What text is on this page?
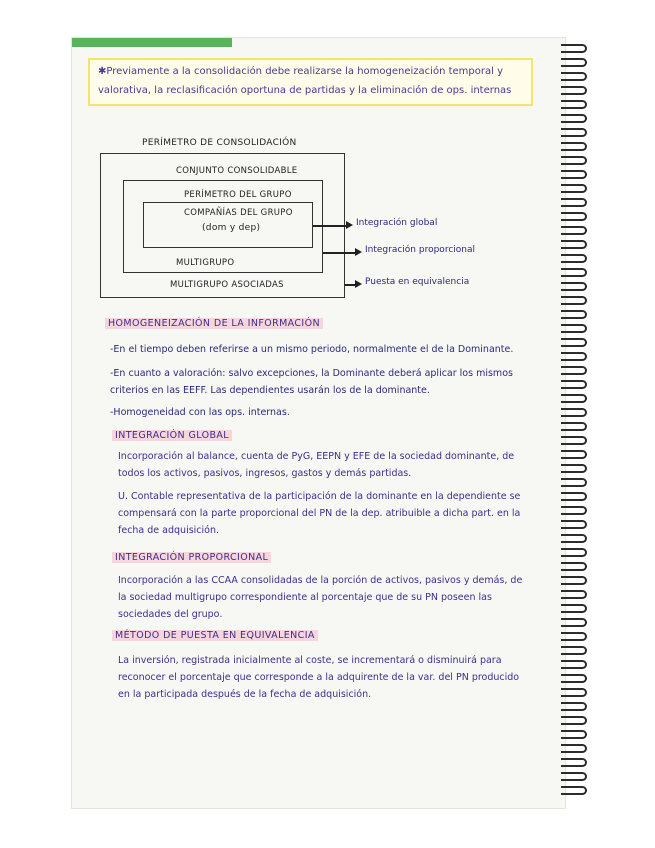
✱Previamente a la consolidación debe realizarse la homogeneización temporal y valorativa, la reclasificación oportuna de partidas y la eliminación de ops. internas
PERÍMETRO DE CONSOLIDACIÓN
CONJUNTO CONSOLIDABLE
PERÍMETRO DEL GRUPO
COMPAÑÍAS DEL GRUPO
(dom y dep)
MULTIGRUPO
MULTIGRUPO ASOCIADAS
Integración global
Integración proporcional
Puesta en equivalencia
HOMOGENEIZACIÓN DE LA INFORMACIÓN
-En el tiempo deben referirse a un mismo periodo, normalmente el de la Dominante.
-En cuanto a valoración: salvo excepciones, la Dominante deberá aplicar los mismos criterios en las EEFF. Las dependientes usarán los de la dominante.
-Homogeneidad con las ops. internas.
INTEGRACIÓN GLOBAL
Incorporación al balance, cuenta de PyG, EEPN y EFE de la sociedad dominante, de todos los activos, pasivos, ingresos, gastos y demás partidas.
U. Contable representativa de la participación de la dominante en la dependiente se compensará con la parte proporcional del PN de la dep. atribuible a dicha part. en la fecha de adquisición.
INTEGRACIÓN PROPORCIONAL
Incorporación a las CCAA consolidadas de la porción de activos, pasivos y demás, de la sociedad multigrupo correspondiente al porcentaje que de su PN poseen las sociedades del grupo.
MÉTODO DE PUESTA EN EQUIVALENCIA
La inversión, registrada inicialmente al coste, se incrementará o disminuirá para reconocer el porcentaje que corresponde a la adquirente de la var. del PN producido en la participada después de la fecha de adquisición.
